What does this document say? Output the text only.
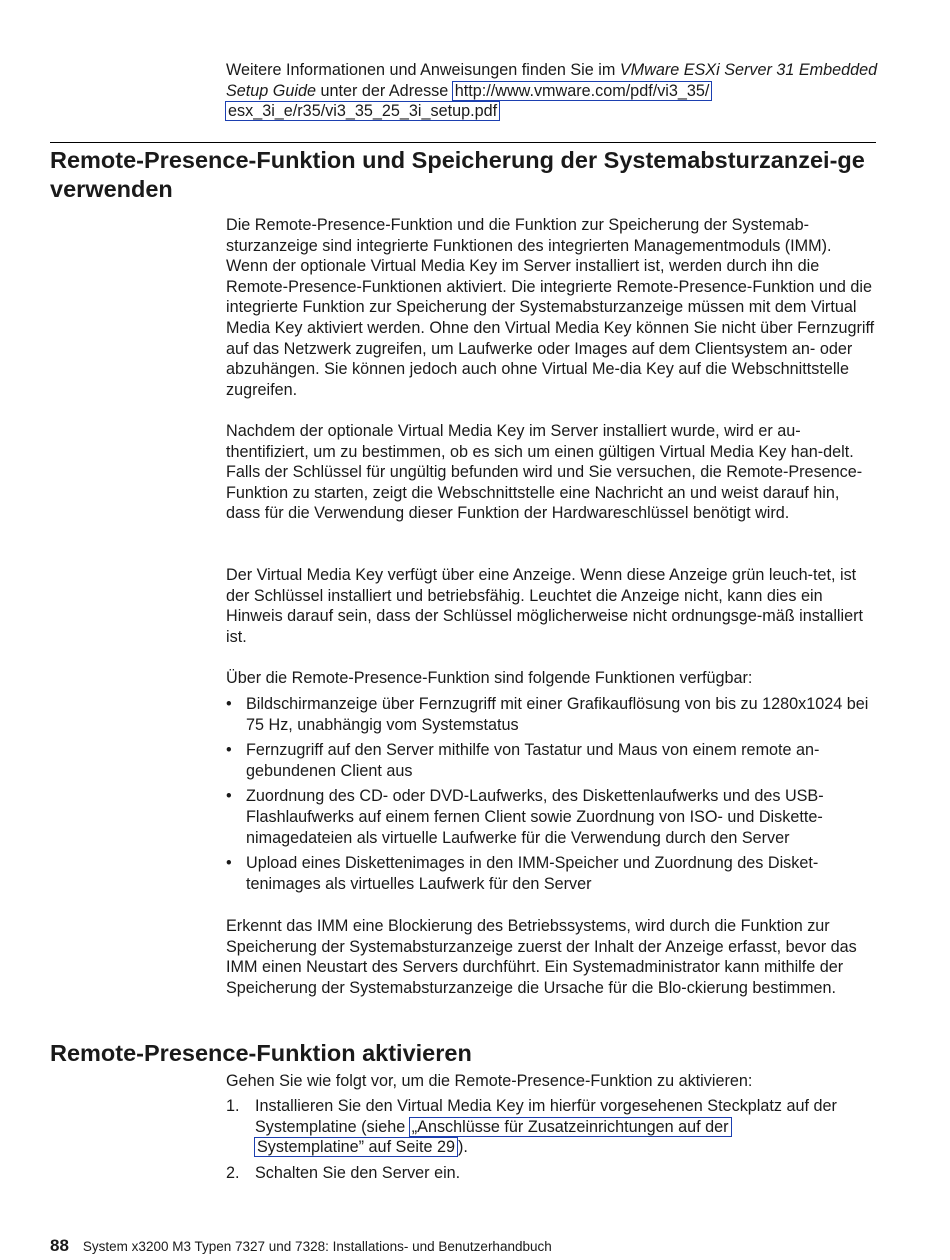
Weitere Informationen und Anweisungen finden Sie im VMware ESXi Server 31 Embedded Setup Guide unter der Adresse http://www.vmware.com/pdf/vi3_35/
esx_3i_e/r35/vi3_35_25_3i_setup.pdf
Remote-Presence-Funktion und Speicherung der Systemabsturzanzei-ge verwenden

Die Remote-Presence-Funktion und die Funktion zur Speicherung der Systemab-sturzanzeige sind integrierte Funktionen des integrierten Managementmoduls (IMM). Wenn der optionale Virtual Media Key im Server installiert ist, werden durch ihn die Remote-Presence-Funktionen aktiviert. Die integrierte Remote-Presence-Funktion und die integrierte Funktion zur Speicherung der Systemabsturzanzeige müssen mit dem Virtual Media Key aktiviert werden. Ohne den Virtual Media Key können Sie nicht über Fernzugriff auf das Netzwerk zugreifen, um Laufwerke oder Images auf dem Clientsystem an- oder abzuhängen. Sie können jedoch auch ohne Virtual Me-dia Key auf die Webschnittstelle zugreifen.

Nachdem der optionale Virtual Media Key im Server installiert wurde, wird er au-thentifiziert, um zu bestimmen, ob es sich um einen gültigen Virtual Media Key han-delt. Falls der Schlüssel für ungültig befunden wird und Sie versuchen, die Remote-Presence-Funktion zu starten, zeigt die Webschnittstelle eine Nachricht an und weist darauf hin, dass für die Verwendung dieser Funktion der Hardwareschlüssel benötigt wird.

Der Virtual Media Key verfügt über eine Anzeige. Wenn diese Anzeige grün leuch-tet, ist der Schlüssel installiert und betriebsfähig. Leuchtet die Anzeige nicht, kann dies ein Hinweis darauf sein, dass der Schlüssel möglicherweise nicht ordnungsge-mäß installiert ist.

Über die Remote-Presence-Funktion sind folgende Funktionen verfügbar:

• Bildschirmanzeige über Fernzugriff mit einer Grafikauflösung von bis zu 1280x1024 bei 75 Hz, unabhängig vom Systemstatus
• Fernzugriff auf den Server mithilfe von Tastatur und Maus von einem remote an-gebundenen Client aus
• Zuordnung des CD- oder DVD-Laufwerks, des Diskettenlaufwerks und des USB-Flashlaufwerks auf einem fernen Client sowie Zuordnung von ISO- und Diskette-nimagedateien als virtuelle Laufwerke für die Verwendung durch den Server
• Upload eines Diskettenimages in den IMM-Speicher und Zuordnung des Disket-tenimages als virtuelles Laufwerk für den Server

Erkennt das IMM eine Blockierung des Betriebssystems, wird durch die Funktion zur Speicherung der Systemabsturzanzeige zuerst der Inhalt der Anzeige erfasst, bevor das IMM einen Neustart des Servers durchführt. Ein Systemadministrator kann mithilfe der Speicherung der Systemabsturzanzeige die Ursache für die Blo-ckierung bestimmen.

Remote-Presence-Funktion aktivieren

Gehen Sie wie folgt vor, um die Remote-Presence-Funktion zu aktivieren:

1. Installieren Sie den Virtual Media Key im hierfür vorgesehenen Steckplatz auf der Systemplatine (siehe „Anschlüsse für Zusatzeinrichtungen auf der
Systemplatine” auf Seite 29 ).
2. Schalten Sie den Server ein.
88 System x3200 M3 Typen 7327 und 7328: Installations- und Benutzerhandbuch
